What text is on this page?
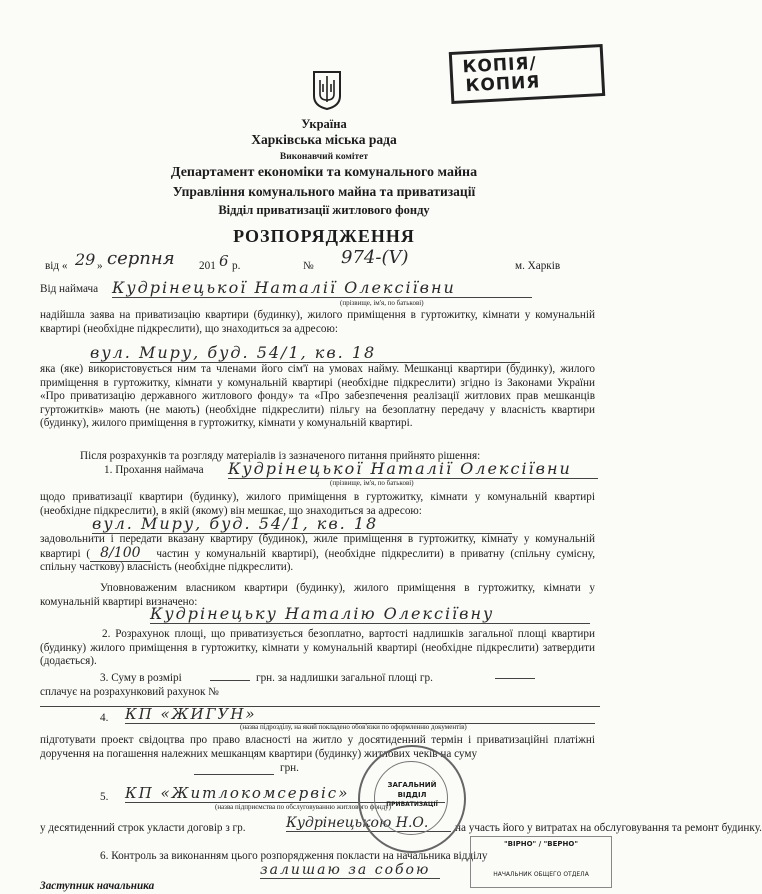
КОПІЯ/
КОПИЯ
Україна
Харківська міська рада
Виконавчий комітет
Департамент економіки та комунального майна
Управління комунального майна та приватизації
Відділ приватизації житлового фонду
РОЗПОРЯДЖЕННЯ
від « 29 » серпня 201 6 р.	№ 974-(V)	м. Харків
Від наймача Кудрінецької Наталії Олексіївни
(прізвище, ім'я, по батькові)
надійшла заява на приватизацію квартири (будинку), жилого приміщення в гуртожитку, кімнати у комунальній квартирі (необхідне підкреслити), що знаходиться за адресою:
вул. Миру, буд. 54/1, кв. 18
яка (яке) використовується ним та членами його сім'ї на умовах найму. Мешканці квартири (будинку), жилого приміщення в гуртожитку, кімнати у комунальній квартирі (необхідне підкреслити) згідно із Законами України «Про приватизацію державного житлового фонду» та «Про забезпечення реалізації житлових прав мешканців гуртожитків» мають (не мають) (необхідне підкреслити) пільгу на безоплатну передачу у власність квартири (будинку), жилого приміщення в гуртожитку, кімнати у комунальній квартирі.
Після розрахунків та розгляду матеріалів із зазначеного питання прийнято рішення:
1. Прохання наймача Кудрінецької Наталії Олексіївни
(прізвище, ім'я, по батькові)
щодо приватизації квартири (будинку), жилого приміщення в гуртожитку, кімнати у комунальній квартирі (необхідне підкреслити), в якій (якому) він мешкає, що знаходиться за адресою:
вул. Миру, буд. 54/1, кв. 18
задовольнити і передати вказану квартиру (будинок), жиле приміщення в гуртожитку, кімнату у комунальній квартирі ( 8/100 частин у комунальній квартирі), (необхідне підкреслити) в приватну (спільну сумісну, спільну часткову) власність (необхідне підкреслити).
Уповноваженим власником квартири (будинку), жилого приміщення в гуртожитку, кімнати у комунальній квартирі визначено:
Кудрінецьку Наталію Олексіївну
2. Розрахунок площі, що приватизується безоплатно, вартості надлишків загальної площі квартири (будинку) жилого приміщення в гуртожитку, кімнати у комунальній квартирі (необхідне підкреслити) затвердити (додається).
3. Суму в розмірі	грн. за надлишки загальної площі гр.
сплачує на розрахунковий рахунок №
4. КП «ЖИГУН»
(назва підрозділу, на який покладено обов'язки по оформленню документів)
підготувати проект свідоцтва про право власності на житло у досятиденний термін і приватизаційні платіжні доручення на погашення належних мешканцям квартири (будинку) житлових чеків на суму
грн.
5. КП «Житлокомсервіс»
(назва підприємства по обслуговуванню житлового фонду)
у десятиденний строк укласти договір з гр.	Кудрінецькою Н.О.	на участь його у витратах на обслуговування та ремонт будинку.
6. Контроль за виконанням цього розпорядження покласти на начальника відділу
залишаю за собою
Заступник начальника
ЗАГАЛЬНИЙ
ВІДДІЛ
ПРИВАТИЗАЦІЇ
"ВІРНО" / "ВЕРНО"
НАЧАЛЬНИК ОБЩЕГО ОТДЕЛА
